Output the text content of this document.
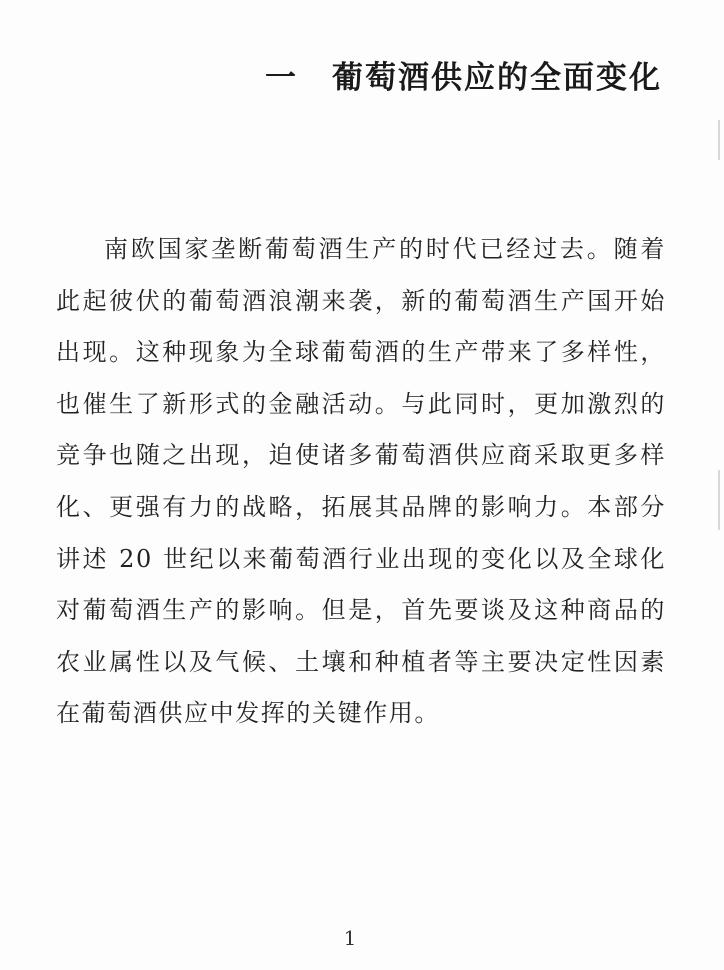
一 葡萄酒供应的全面变化

南欧国家垄断葡萄酒生产的时代已经过去。随着此起彼伏的葡萄酒浪潮来袭，新的葡萄酒生产国开始出现。这种现象为全球葡萄酒的生产带来了多样性，也催生了新形式的金融活动。与此同时，更加激烈的竞争也随之出现，迫使诸多葡萄酒供应商采取更多样化、更强有力的战略，拓展其品牌的影响力。本部分讲述 20 世纪以来葡萄酒行业出现的变化以及全球化对葡萄酒生产的影响。但是，首先要谈及这种商品的农业属性以及气候、土壤和种植者等主要决定性因素在葡萄酒供应中发挥的关键作用。

1
